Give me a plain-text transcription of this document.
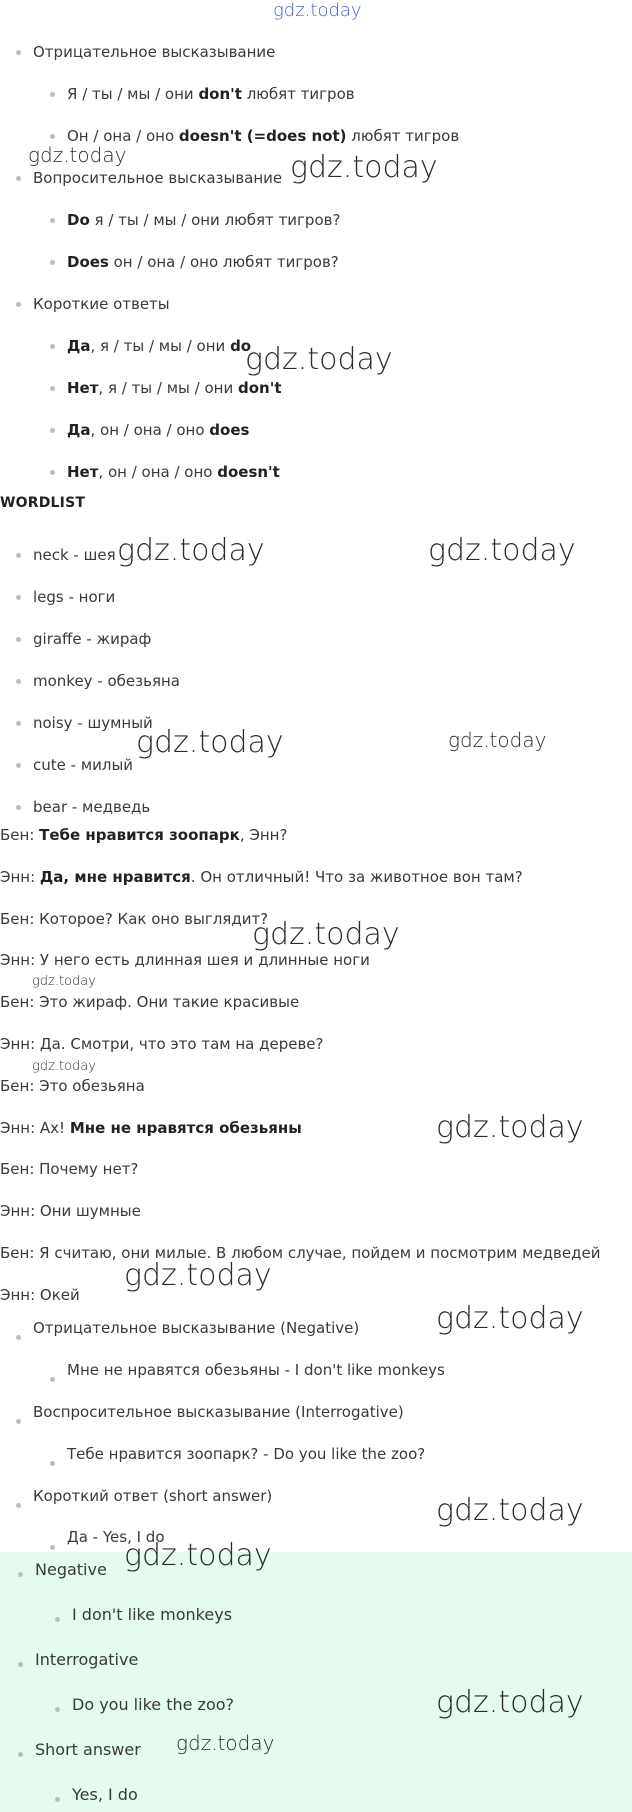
gdz.today
gdz.today	gdz.today
gdz.today
gdz.today	gdz.today
gdz.today	gdz.today
gdz.today
gdz.today
gdz.today
gdz.today
gdz.today
gdz.today
gdz.today
gdz.today
gdz.today
gdz.today
Отрицательное высказывание
Я / ты / мы / они don't любят тигров
Он / она / оно doesn't (=does not) любят тигров
Вопросительное высказывание
Do я / ты / мы / они любят тигров?
Does он / она / оно любят тигров?
Короткие ответы
Да, я / ты / мы / они do
Нет, я / ты / мы / они don't
Да, он / она / оно does
Нет, он / она / оно doesn't
WORDLIST
neck - шея
legs - ноги
giraffe - жираф
monkey - обезьяна
noisy - шумный
cute - милый
bear - медведь
Бен: Тебе нравится зоопарк, Энн?
Энн: Да, мне нравится. Он отличный! Что за животное вон там?
Бен: Которое? Как оно выглядит?
Энн: У него есть длинная шея и длинные ноги
Бен: Это жираф. Они такие красивые
Энн: Да. Смотри, что это там на дереве?
Бен: Это обезьяна
Энн: Ах! Мне не нравятся обезьяны
Бен: Почему нет?
Энн: Они шумные
Бен: Я считаю, они милые. В любом случае, пойдем и посмотрим медведей
Энн: Окей
Отрицательное высказывание (Negative)
Мне не нравятся обезьяны - I don't like monkeys
Воспросительное высказывание (Interrogative)
Тебе нравится зоопарк? - Do you like the zoo?
Короткий ответ (short answer)
Да - Yes, I do
Negative
I don't like monkeys
Interrogative
Do you like the zoo?
Short answer
Yes, I do
